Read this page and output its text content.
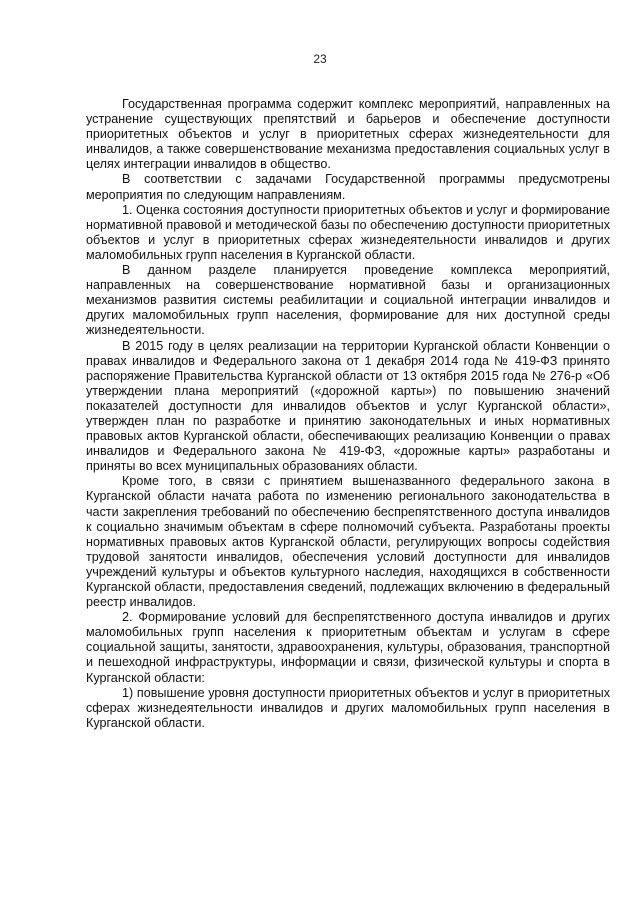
23

Государственная программа содержит комплекс мероприятий, направленных на устранение существующих препятствий и барьеров и обеспечение доступности приоритетных объектов и услуг в приоритетных сферах жизнедеятельности для инвалидов, а также совершенствование механизма предоставления социальных услуг в целях интеграции инвалидов в общество.

В соответствии с задачами Государственной программы предусмотрены мероприятия по следующим направлениям.

1. Оценка состояния доступности приоритетных объектов и услуг и формирование нормативной правовой и методической базы по обеспечению доступности приоритетных объектов и услуг в приоритетных сферах жизнедеятельности инвалидов и других маломобильных групп населения в Курганской области.

В данном разделе планируется проведение комплекса мероприятий, направленных на совершенствование нормативной базы и организационных механизмов развития системы реабилитации и социальной интеграции инвалидов и других маломобильных групп населения, формирование для них доступной среды жизнедеятельности.

В 2015 году в целях реализации на территории Курганской области Конвенции о правах инвалидов и Федерального закона от 1 декабря 2014 года № 419-ФЗ принято распоряжение Правительства Курганской области от 13 октября 2015 года № 276-р «Об утверждении плана мероприятий («дорожной карты») по повышению значений показателей доступности для инвалидов объектов и услуг Курганской области», утвержден план по разработке и принятию законодательных и иных нормативных правовых актов Курганской области, обеспечивающих реализацию Конвенции о правах инвалидов и Федерального закона № 419-ФЗ, «дорожные карты» разработаны и приняты во всех муниципальных образованиях области.

Кроме того, в связи с принятием вышеназванного федерального закона в Курганской области начата работа по изменению регионального законодательства в части закрепления требований по обеспечению беспрепятственного доступа инвалидов к социально значимым объектам в сфере полномочий субъекта. Разработаны проекты нормативных правовых актов Курганской области, регулирующих вопросы содействия трудовой занятости инвалидов, обеспечения условий доступности для инвалидов учреждений культуры и объектов культурного наследия, находящихся в собственности Курганской области, предоставления сведений, подлежащих включению в федеральный реестр инвалидов.

2. Формирование условий для беспрепятственного доступа инвалидов и других маломобильных групп населения к приоритетным объектам и услугам в сфере социальной защиты, занятости, здравоохранения, культуры, образования, транспортной и пешеходной инфраструктуры, информации и связи, физической культуры и спорта в Курганской области:

1) повышение уровня доступности приоритетных объектов и услуг в приоритетных сферах жизнедеятельности инвалидов и других маломобильных групп населения в Курганской области.
